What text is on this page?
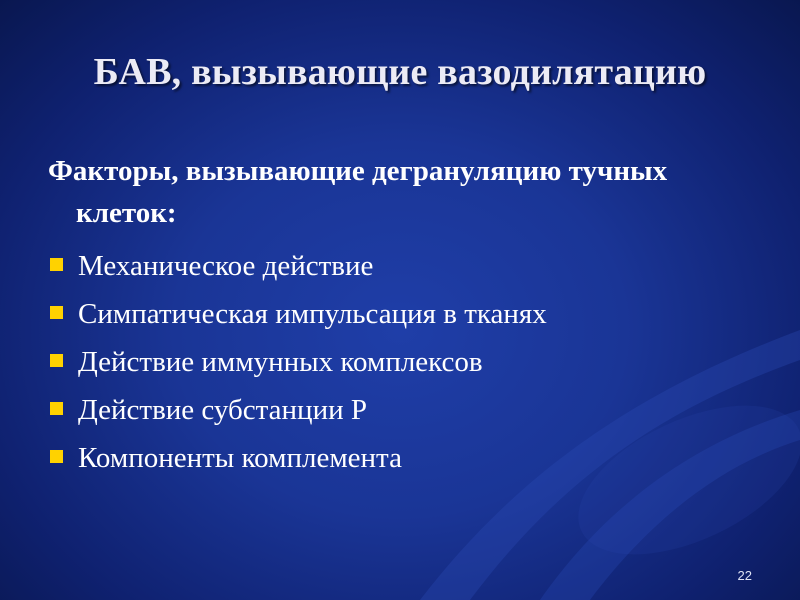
БАВ, вызывающие вазодилятацию
Факторы, вызывающие дегрануляцию тучных клеток:
Механическое действие
Симпатическая импульсация в тканях
Действие иммунных комплексов
Действие субстанции Р
Компоненты комплемента
22
